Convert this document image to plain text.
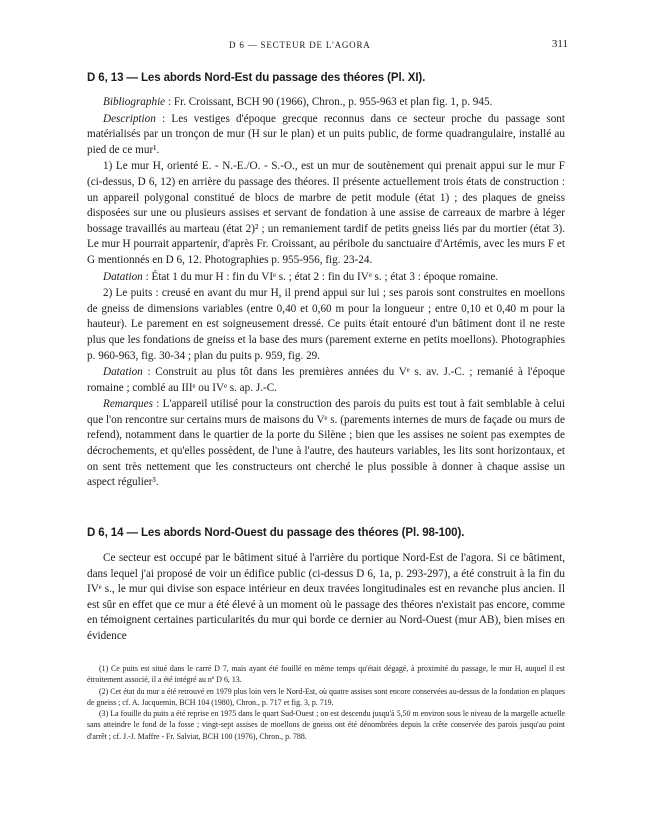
D 6 — SECTEUR DE L'AGORA	311
D 6, 13 — Les abords Nord-Est du passage des théores (Pl. XI).

Bibliographie : Fr. Croissant, BCH 90 (1966), Chron., p. 955-963 et plan fig. 1, p. 945.

Description : Les vestiges d'époque grecque reconnus dans ce secteur proche du passage sont matérialisés par un tronçon de mur (H sur le plan) et un puits public, de forme quadrangulaire, installé au pied de ce mur¹.

1) Le mur H, orienté E. - N.-E./O. - S.-O., est un mur de soutènement qui prenait appui sur le mur F (ci-dessus, D 6, 12) en arrière du passage des théores. Il présente actuellement trois états de construction : un appareil polygonal constitué de blocs de marbre de petit module (état 1) ; des plaques de gneiss disposées sur une ou plusieurs assises et servant de fondation à une assise de carreaux de marbre à léger bossage travaillés au marteau (état 2)² ; un remaniement tardif de petits gneiss liés par du mortier (état 3). Le mur H pourrait appartenir, d'après Fr. Croissant, au péribole du sanctuaire d'Artémis, avec les murs F et G mentionnés en D 6, 12. Photographies p. 955-956, fig. 23-24.

Datation : État 1 du mur H : fin du VIᵉ s. ; état 2 : fin du IVᵉ s. ; état 3 : époque romaine.

2) Le puits : creusé en avant du mur H, il prend appui sur lui ; ses parois sont construites en moellons de gneiss de dimensions variables (entre 0,40 et 0,60 m pour la longueur ; entre 0,10 et 0,40 m pour la hauteur). Le parement en est soigneusement dressé. Ce puits était entouré d'un bâtiment dont il ne reste plus que les fondations de gneiss et la base des murs (parement externe en petits moellons). Photographies p. 960-963, fig. 30-34 ; plan du puits p. 959, fig. 29.

Datation : Construit au plus tôt dans les premières années du Vᵉ s. av. J.-C. ; remanié à l'époque romaine ; comblé au IIIᵉ ou IVᵉ s. ap. J.-C.

Remarques : L'appareil utilisé pour la construction des parois du puits est tout à fait semblable à celui que l'on rencontre sur certains murs de maisons du Vᵉ s. (parements internes de murs de façade ou murs de refend), notamment dans le quartier de la porte du Silène ; bien que les assises ne soient pas exemptes de décrochements, et qu'elles possèdent, de l'une à l'autre, des hauteurs variables, les lits sont horizontaux, et on sent très nettement que les constructeurs ont cherché le plus possible à donner à chaque assise un aspect régulier³.

D 6, 14 — Les abords Nord-Ouest du passage des théores (Pl. 98-100).

Ce secteur est occupé par le bâtiment situé à l'arrière du portique Nord-Est de l'agora. Si ce bâtiment, dans lequel j'ai proposé de voir un édifice public (ci-dessus D 6, 1a, p. 293-297), a été construit à la fin du IVᵉ s., le mur qui divise son espace intérieur en deux travées longitudinales est en revanche plus ancien. Il est sûr en effet que ce mur a été élevé à un moment où le passage des théores n'existait pas encore, comme en témoignent certaines particularités du mur qui borde ce dernier au Nord-Ouest (mur AB), bien mises en évidence

(1) Ce puits est situé dans le carré D 7, mais ayant été fouillé en même temps qu'était dégagé, à proximité du passage, le mur H, auquel il est étroitement associé, il a été intégré au nº D 6, 13.

(2) Cet état du mur a été retrouvé en 1979 plus loin vers le Nord-Est, où quatre assises sont encore conservées au-dessus de la fondation en plaques de gneiss ; cf. A. Jacquemin, BCH 104 (1980), Chron., p. 717 et fig. 3, p. 719.

(3) La fouille du puits a été reprise en 1975 dans le quart Sud-Ouest ; on est descendu jusqu'à 5,50 m environ sous le niveau de la margelle actuelle sans atteindre le fond de la fosse ; vingt-sept assises de moellons de gneiss ont été dénombrées depuis la crête conservée des parois jusqu'au point d'arrêt ; cf. J.-J. Maffre - Fr. Salviat, BCH 100 (1976), Chron., p. 788.
